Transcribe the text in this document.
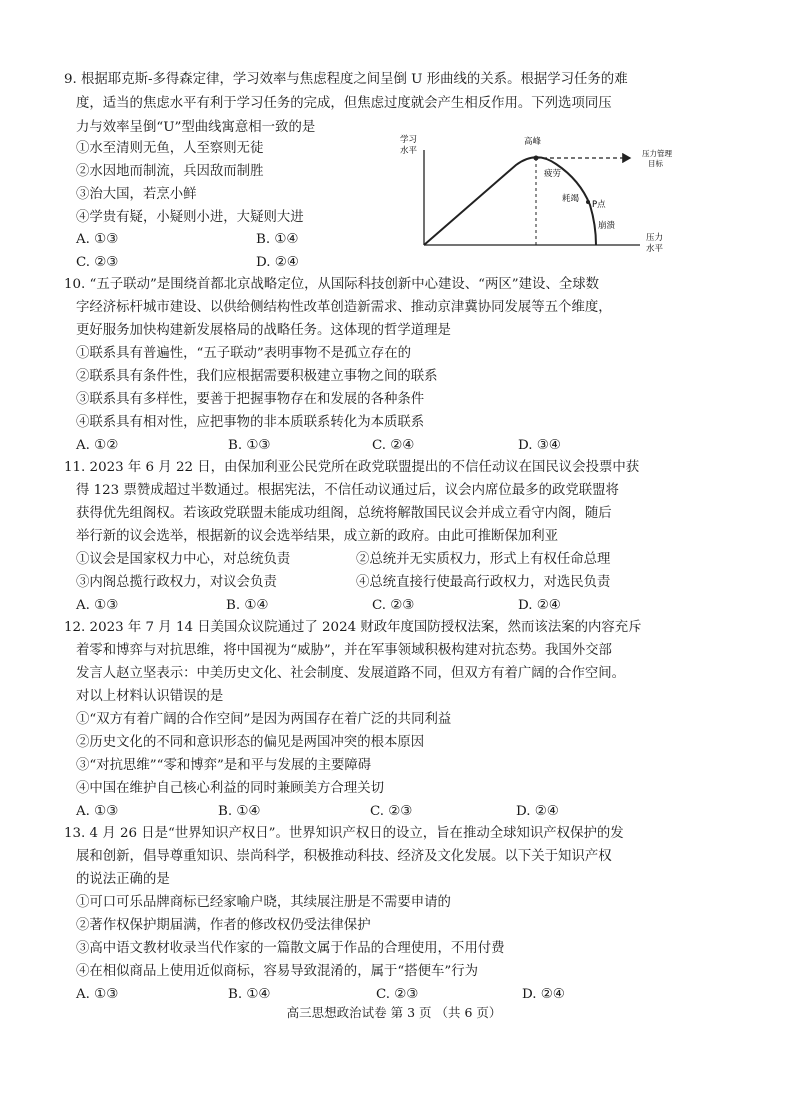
9. 根据耶克斯-多得森定律，学习效率与焦虑程度之间呈倒 U 形曲线的关系。根据学习任务的难
度，适当的焦虑水平有利于学习任务的完成，但焦虑过度就会产生相反作用。下列选项同压
力与效率呈倒“U”型曲线寓意相一致的是
①水至清则无鱼，人至察则无徒
②水因地而制流，兵因敌而制胜
③治大国，若烹小鲜
④学贵有疑，小疑则小进，大疑则大进
A. ①③	B. ①④
C. ②③	D. ②④
学习
水平
高峰
压力管理
目标
疲劳
耗竭
P点
崩溃
压力
水平
10. “五子联动”是围绕首都北京战略定位，从国际科技创新中心建设、“两区”建设、全球数
字经济标杆城市建设、以供给侧结构性改革创造新需求、推动京津冀协同发展等五个维度，
更好服务加快构建新发展格局的战略任务。这体现的哲学道理是
①联系具有普遍性，“五子联动”表明事物不是孤立存在的
②联系具有条件性，我们应根据需要积极建立事物之间的联系
③联系具有多样性，要善于把握事物存在和发展的各种条件
④联系具有相对性，应把事物的非本质联系转化为本质联系
A. ①②	B. ①③	C. ②④	D. ③④
11. 2023 年 6 月 22 日，由保加利亚公民党所在政党联盟提出的不信任动议在国民议会投票中获
得 123 票赞成超过半数通过。根据宪法，不信任动议通过后，议会内席位最多的政党联盟将
获得优先组阁权。若该政党联盟未能成功组阁，总统将解散国民议会并成立看守内阁，随后
举行新的议会选举，根据新的议会选举结果，成立新的政府。由此可推断保加利亚
①议会是国家权力中心，对总统负责	②总统并无实质权力，形式上有权任命总理
③内阁总揽行政权力，对议会负责	④总统直接行使最高行政权力，对选民负责
A. ①③	B. ①④	C. ②③	D. ②④
12. 2023 年 7 月 14 日美国众议院通过了 2024 财政年度国防授权法案，然而该法案的内容充斥
着零和博弈与对抗思维，将中国视为“威胁”，并在军事领域积极构建对抗态势。我国外交部
发言人赵立坚表示：中美历史文化、社会制度、发展道路不同，但双方有着广阔的合作空间。
对以上材料认识错误的是
①“双方有着广阔的合作空间”是因为两国存在着广泛的共同利益
②历史文化的不同和意识形态的偏见是两国冲突的根本原因
③“对抗思维”“零和博弈”是和平与发展的主要障碍
④中国在维护自己核心利益的同时兼顾美方合理关切
A. ①③	B. ①④	C. ②③	D. ②④
13. 4 月 26 日是“世界知识产权日”。世界知识产权日的设立，旨在推动全球知识产权保护的发
展和创新，倡导尊重知识、崇尚科学，积极推动科技、经济及文化发展。以下关于知识产权
的说法正确的是
①可口可乐品牌商标已经家喻户晓，其续展注册是不需要申请的
②著作权保护期届满，作者的修改权仍受法律保护
③高中语文教材收录当代作家的一篇散文属于作品的合理使用，不用付费
④在相似商品上使用近似商标，容易导致混淆的，属于“搭便车”行为
A. ①③	B. ①④	C. ②③	D. ②④
高三思想政治试卷 第 3 页 （共 6 页）
